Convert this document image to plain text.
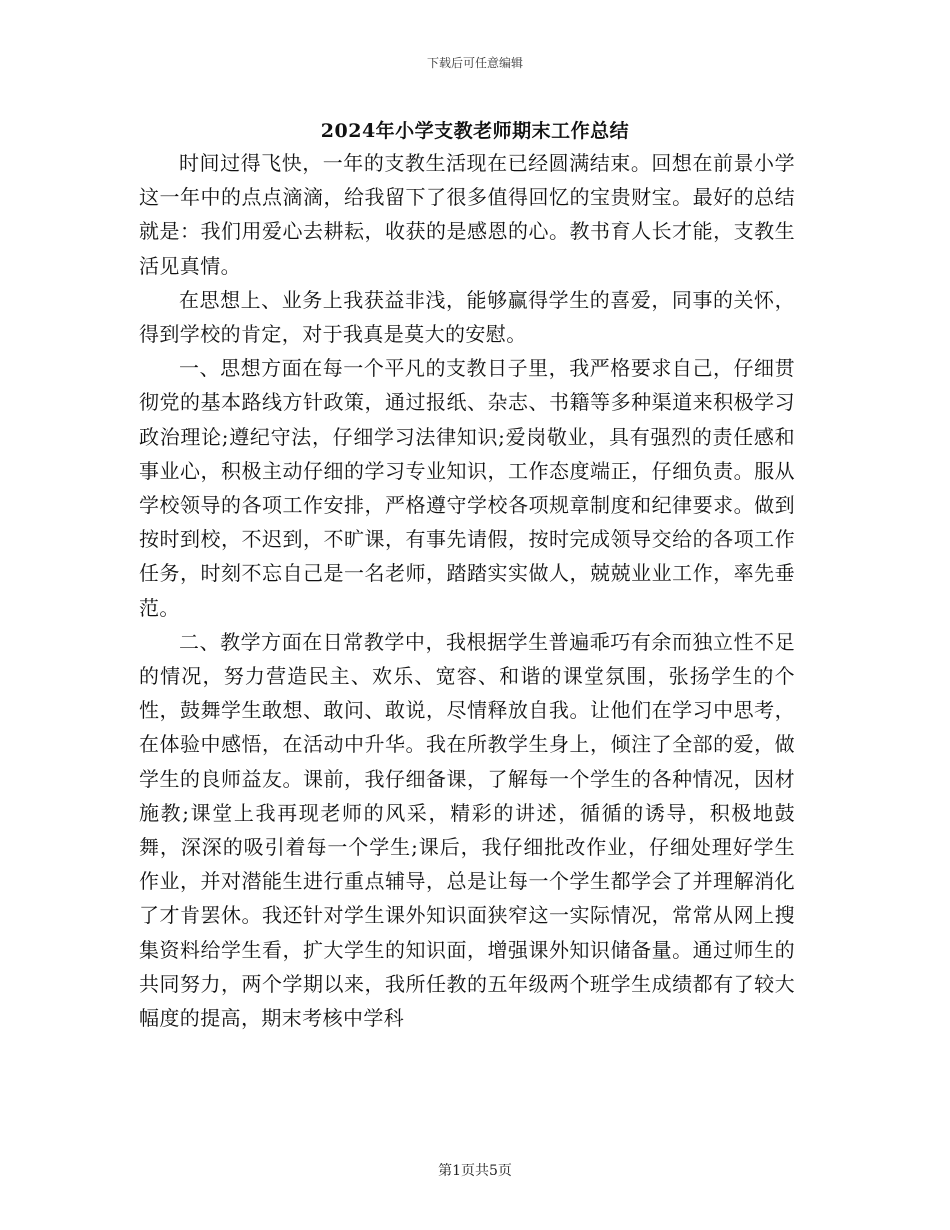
下载后可任意编辑
2024年小学支教老师期末工作总结

时间过得飞快，一年的支教生活现在已经圆满结束。回想在前景小学这一年中的点点滴滴，给我留下了很多值得回忆的宝贵财宝。最好的总结就是：我们用爱心去耕耘，收获的是感恩的心。教书育人长才能，支教生活见真情。

在思想上、业务上我获益非浅，能够赢得学生的喜爱，同事的关怀，得到学校的肯定，对于我真是莫大的安慰。

一、思想方面在每一个平凡的支教日子里，我严格要求自己，仔细贯彻党的基本路线方针政策，通过报纸、杂志、书籍等多种渠道来积极学习政治理论;遵纪守法，仔细学习法律知识;爱岗敬业，具有强烈的责任感和事业心，积极主动仔细的学习专业知识，工作态度端正，仔细负责。服从学校领导的各项工作安排，严格遵守学校各项规章制度和纪律要求。做到按时到校，不迟到，不旷课，有事先请假，按时完成领导交给的各项工作任务，时刻不忘自己是一名老师，踏踏实实做人，兢兢业业工作，率先垂范。

二、教学方面在日常教学中，我根据学生普遍乖巧有余而独立性不足的情况，努力营造民主、欢乐、宽容、和谐的课堂氛围，张扬学生的个性，鼓舞学生敢想、敢问、敢说，尽情释放自我。让他们在学习中思考，在体验中感悟，在活动中升华。我在所教学生身上，倾注了全部的爱，做学生的良师益友。课前，我仔细备课，了解每一个学生的各种情况，因材施教;课堂上我再现老师的风采，精彩的讲述，循循的诱导，积极地鼓舞，深深的吸引着每一个学生;课后，我仔细批改作业，仔细处理好学生作业，并对潜能生进行重点辅导，总是让每一个学生都学会了并理解消化了才肯罢休。我还针对学生课外知识面狭窄这一实际情况，常常从网上搜集资料给学生看，扩大学生的知识面，增强课外知识储备量。通过师生的共同努力，两个学期以来，我所任教的五年级两个班学生成绩都有了较大幅度的提高，期末考核中学科

第1页共5页
